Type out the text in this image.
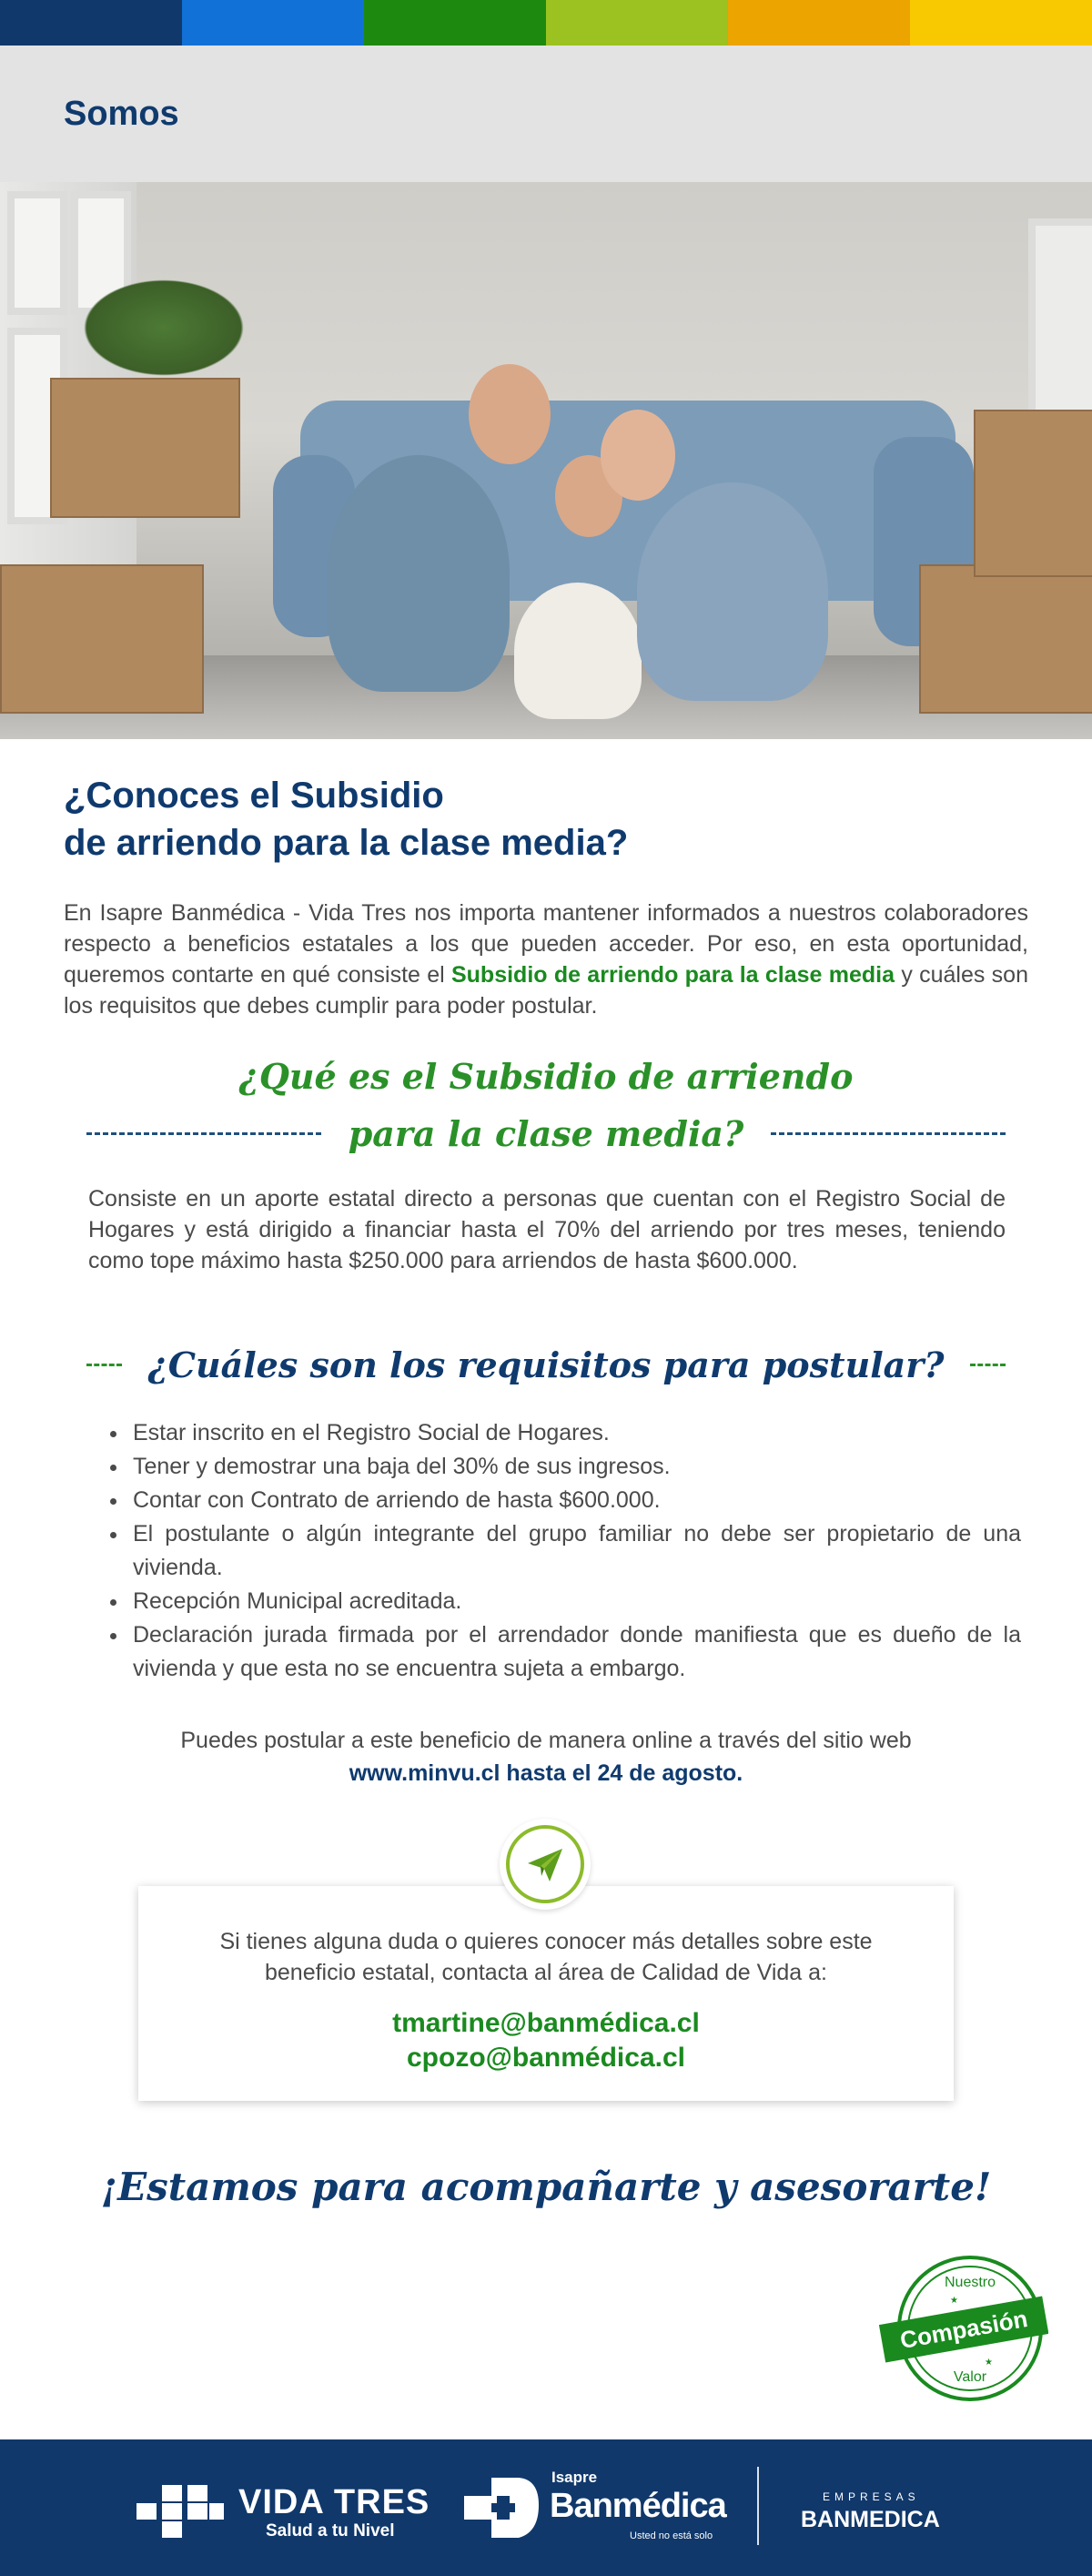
Somos
¿Conoces el Subsidio
de arriendo para la clase media?
En Isapre Banmédica - Vida Tres nos importa mantener informados a nuestros colaboradores respecto a beneficios estatales a los que pueden acceder. Por eso, en esta oportunidad, queremos contarte en qué consiste el Subsidio de arriendo para la clase media y cuáles son los requisitos que debes cumplir para poder postular.
¿Qué es el Subsidio de arriendo
para la clase media?
Consiste en un aporte estatal directo a personas que cuentan con el Registro Social de Hogares y está dirigido a financiar hasta el 70% del arriendo por tres meses, teniendo como tope máximo hasta $250.000 para arriendos de hasta $600.000.
¿Cuáles son los requisitos para postular?
• Estar inscrito en el Registro Social de Hogares.
• Tener y demostrar una baja del 30% de sus ingresos.
• Contar con Contrato de arriendo de hasta $600.000.
• El postulante o algún integrante del grupo familiar no debe ser propietario de una vivienda.
• Recepción Municipal acreditada.
• Declaración jurada firmada por el arrendador donde manifiesta que es dueño de la vivienda y que esta no se encuentra sujeta a embargo.
Puedes postular a este beneficio de manera online a través del sitio web
www.minvu.cl hasta el 24 de agosto.
Si tienes alguna duda o quieres conocer más detalles sobre este beneficio estatal, contacta al área de Calidad de Vida a:
tmartine@banmédica.cl
cpozo@banmédica.cl
¡Estamos para acompañarte y asesorarte!
Nuestro
Valor
Compasión
★
★
VIDA TRES
Salud a tu Nivel
Isapre
Banmédica
Usted no está solo
EMPRESAS
BANMEDICA
